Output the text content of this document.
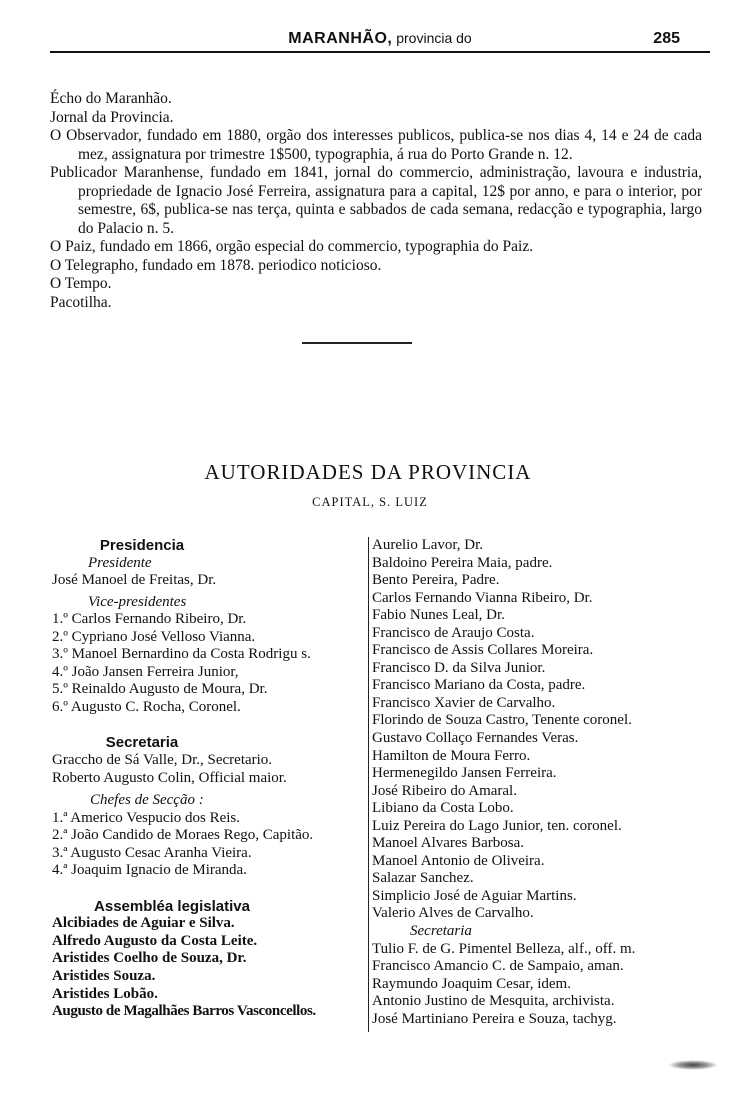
MARANHÃO, provincia do	285

Écho do Maranhão.

Jornal da Provincia.

O Observador, fundado em 1880, orgão dos interesses publicos, publica-se nos dias 4, 14 e 24 de cada mez, assignatura por trimestre 1$500, typographia, á rua do Porto Grande n. 12.

Publicador Maranhense, fundado em 1841, jornal do commercio, administração, lavoura e industria, propriedade de Ignacio José Ferreira, assignatura para a capital, 12$ por anno, e para o interior, por semestre, 6$, publica-se nas terça, quinta e sabbados de cada semana, redacção e typographia, largo do Palacio n. 5.

O Paiz, fundado em 1866, orgão especial do commercio, typographia do Paiz.

O Telegrapho, fundado em 1878. periodico noticioso.

O Tempo.

Pacotilha.

AUTORIDADES DA PROVINCIA
CAPITAL, S. LUIZ

Presidencia

Presidente

José Manoel de Freitas, Dr.

Vice-presidentes

1.º Carlos Fernando Ribeiro, Dr.

2.º Cypriano José Velloso Vianna.

3.º Manoel Bernardino da Costa Rodrigu s.

4.º João Jansen Ferreira Junior,

5.º Reinaldo Augusto de Moura, Dr.

6.º Augusto C. Rocha, Coronel.

Secretaria

Graccho de Sá Valle, Dr., Secretario.

Roberto Augusto Colin, Official maior.

Chefes de Secção :

1.ª Americo Vespucio dos Reis.

2.ª João Candido de Moraes Rego, Capitão.

3.ª Augusto Cesac Aranha Vieira.

4.ª Joaquim Ignacio de Miranda.

Assembléa legislativa

Alcibiades de Aguiar e Silva.

Alfredo Augusto da Costa Leite.

Aristides Coelho de Souza, Dr.

Aristides Souza.

Aristides Lobão.

Augusto de Magalhães Barros Vasconcellos.

Aurelio Lavor, Dr.

Baldoino Pereira Maia, padre.

Bento Pereira, Padre.

Carlos Fernando Vianna Ribeiro, Dr.

Fabio Nunes Leal, Dr.

Francisco de Araujo Costa.

Francisco de Assis Collares Moreira.

Francisco D. da Silva Junior.

Francisco Mariano da Costa, padre.

Francisco Xavier de Carvalho.

Florindo de Souza Castro, Tenente coronel.

Gustavo Collaço Fernandes Veras.

Hamilton de Moura Ferro.

Hermenegildo Jansen Ferreira.

José Ribeiro do Amaral.

Libiano da Costa Lobo.

Luiz Pereira do Lago Junior, ten. coronel.

Manoel Alvares Barbosa.

Manoel Antonio de Oliveira.

Salazar Sanchez.

Simplicio José de Aguiar Martins.

Valerio Alves de Carvalho.

Secretaria

Tulio F. de G. Pimentel Belleza, alf., off. m.

Francisco Amancio C. de Sampaio, aman.

Raymundo Joaquim Cesar, idem.

Antonio Justino de Mesquita, archivista.

José Martiniano Pereira e Souza, tachyg.
